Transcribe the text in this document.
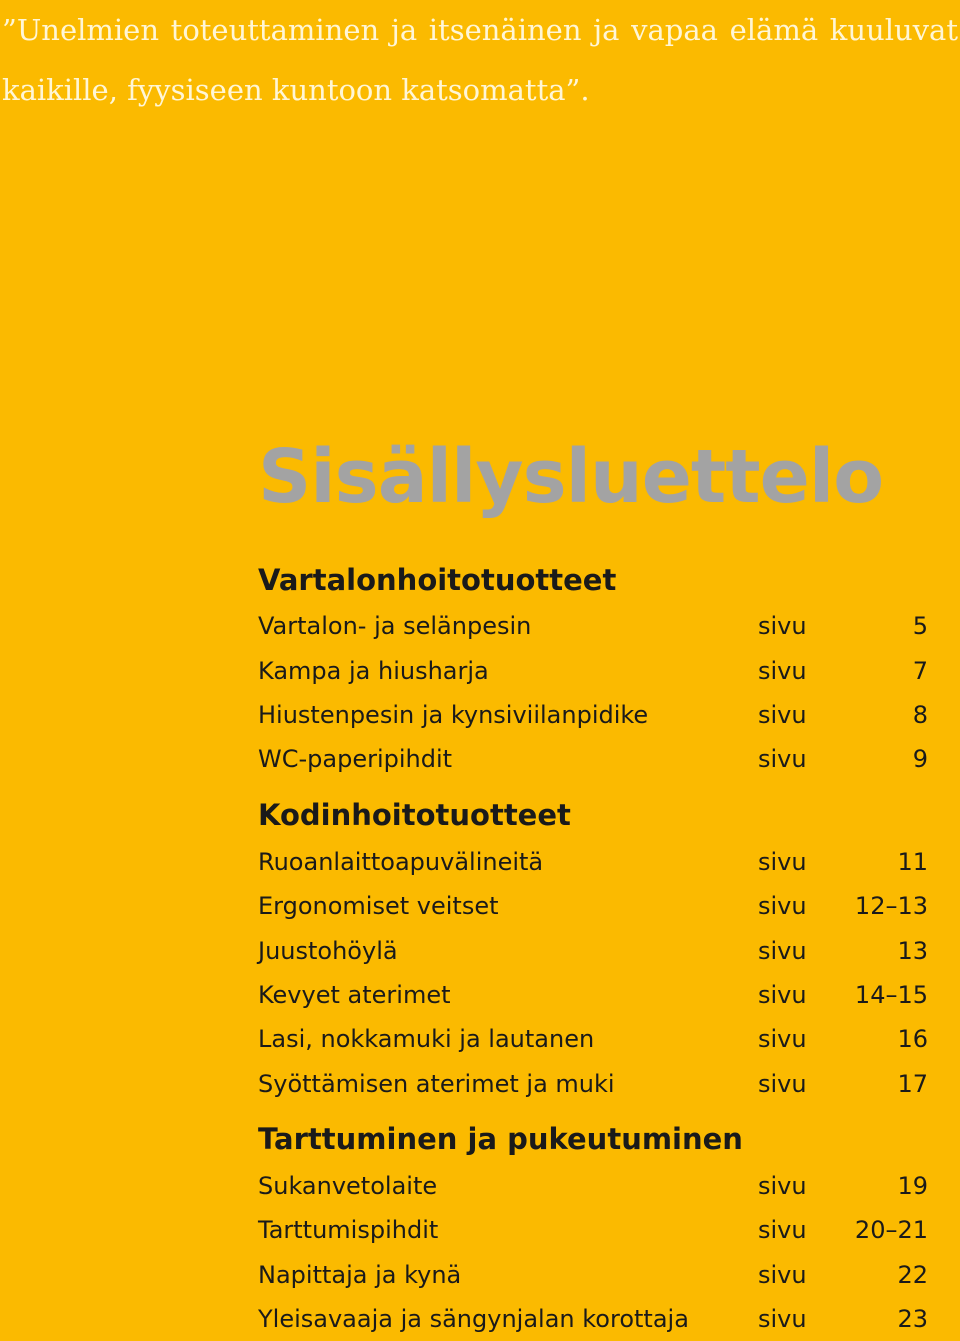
”Unelmien toteuttaminen ja itsenäinen ja vapaa elämä kuuluvat kaikille, fyysiseen kuntoon katsomatta”.

Sisällysluettelo
Vartalonhoitotuotteet
Vartalon- ja selänpesin	sivu	5
Kampa ja hiusharja	sivu	7
Hiustenpesin ja kynsiviilanpidike	sivu	8
WC-paperipihdit	sivu	9
Kodinhoitotuotteet
Ruoanlaittoapuvälineitä	sivu	11
Ergonomiset veitset	sivu	12–13
Juustohöylä	sivu	13
Kevyet aterimet	sivu	14–15
Lasi, nokkamuki ja lautanen	sivu	16
Syöttämisen aterimet ja muki	sivu	17
Tarttuminen ja pukeutuminen
Sukanvetolaite	sivu	19
Tarttumispihdit	sivu	20–21
Napittaja ja kynä	sivu	22
Yleisavaaja ja sängynjalan korottaja	sivu	23
